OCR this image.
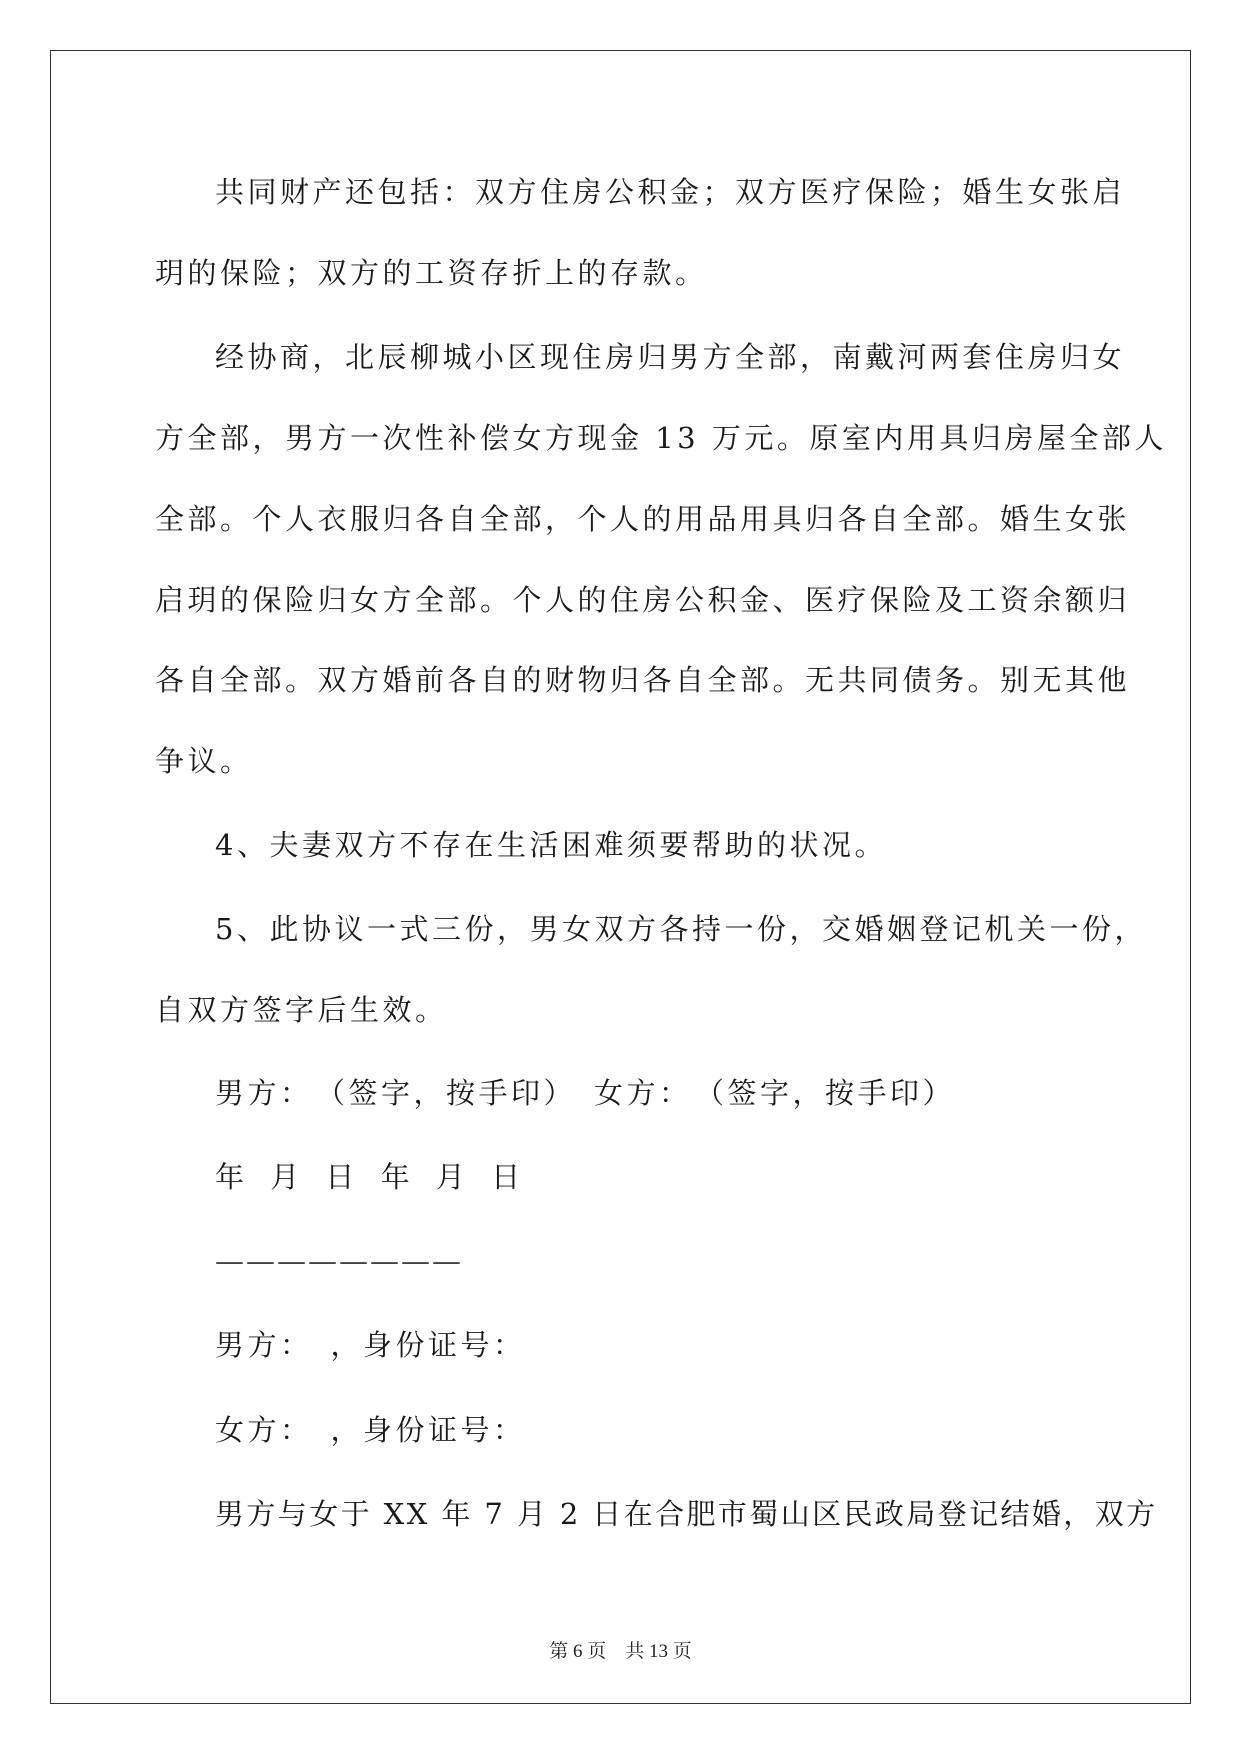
共同财产还包括：双方住房公积金；双方医疗保险；婚生女张启
玥的保险；双方的工资存折上的存款。
经协商，北辰柳城小区现住房归男方全部，南戴河两套住房归女
方全部，男方一次性补偿女方现金 13 万元。原室内用具归房屋全部人
全部。个人衣服归各自全部，个人的用品用具归各自全部。婚生女张
启玥的保险归女方全部。个人的住房公积金、医疗保险及工资余额归
各自全部。双方婚前各自的财物归各自全部。无共同债务。别无其他
争议。
4、夫妻双方不存在生活困难须要帮助的状况。
5、此协议一式三份，男女双方各持一份，交婚姻登记机关一份，
自双方签字后生效。
男方：　（签字，按手印）　女方：　（签字，按手印）
年 月 日 年 月 日
————————
男方：　，身份证号：
女方：　，身份证号：
男方与女于 XX 年 7 月 2 日在合肥市蜀山区民政局登记结婚，双方
第 6 页　共 13 页
